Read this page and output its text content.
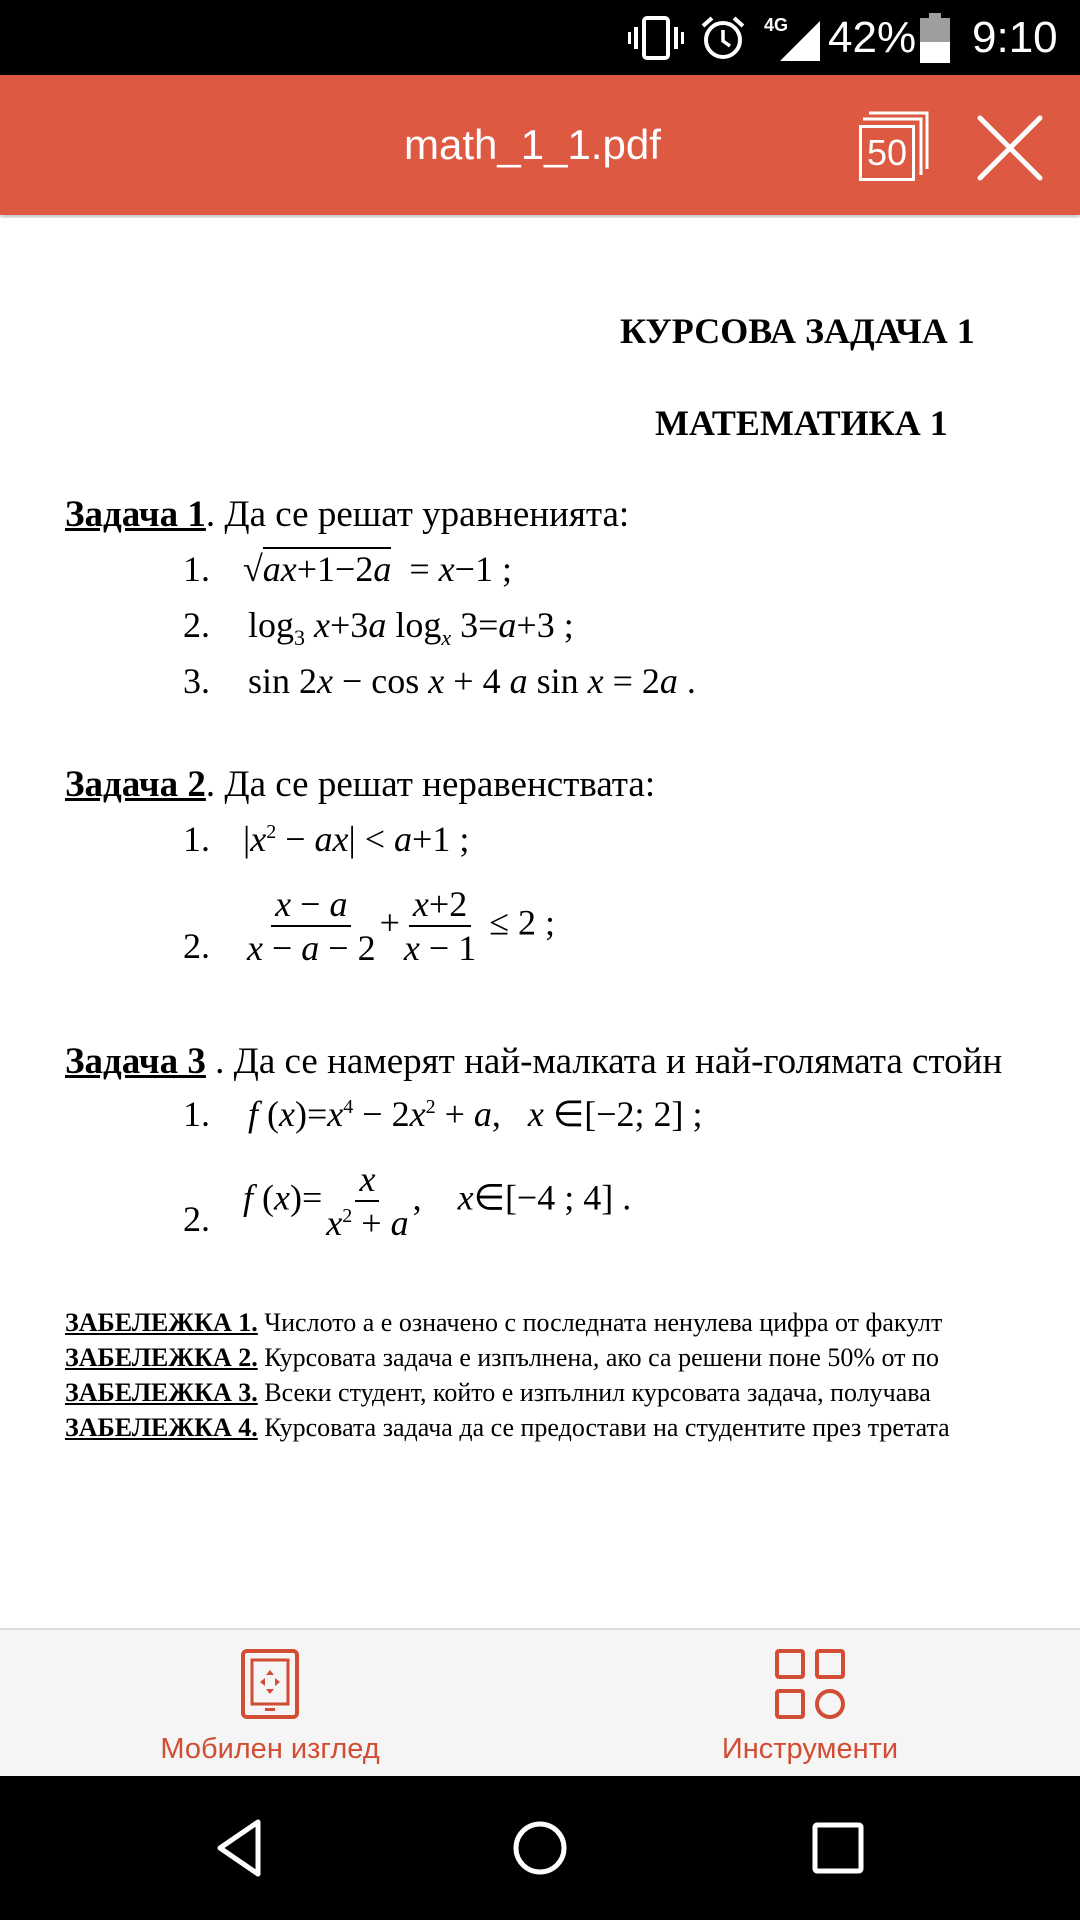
4G 42% 9:10
math_1_1.pdf	50
КУРСОВА ЗАДАЧА 1
МАТЕМАТИКА 1
Задача 1. Да се решат уравненията:
1. √ax+1−2a  = x−1 ;
2. $\log_3 x+3a$ $\log_x 3=a+3$ ;
3. sin 2x − cos x + 4 a sin x = 2a .
Задача 2. Да се решат неравенствата:
1. $|x^2 - ax| < a+1$ ;
2. $\frac{x - a}{x - a - 2} + \frac{x+2}{x - 1} \le 2$ ;
Задача 3 . Да се намерят най-малката и най-голямата стойн
1. f $(x)=x^4 - 2x^2 + a$,   x ∈[−2; 2] ;
2.
f $(x)= \frac{x}{x^2 + a}$ ,    x∈[−4 ; 4] .
ЗАБЕЛЕЖКА 1. Числото a е означено с последната ненулева цифра от факулт
ЗАБЕЛЕЖКА 2. Курсовата задача е изпълнена, ако са решени поне 50% от по
ЗАБЕЛЕЖКА 3. Всеки студент, който е изпълнил курсовата задача, получава
ЗАБЕЛЕЖКА 4. Курсовата задача да се предостави на студентите през третата
Мобилен изглед	Инструменти
